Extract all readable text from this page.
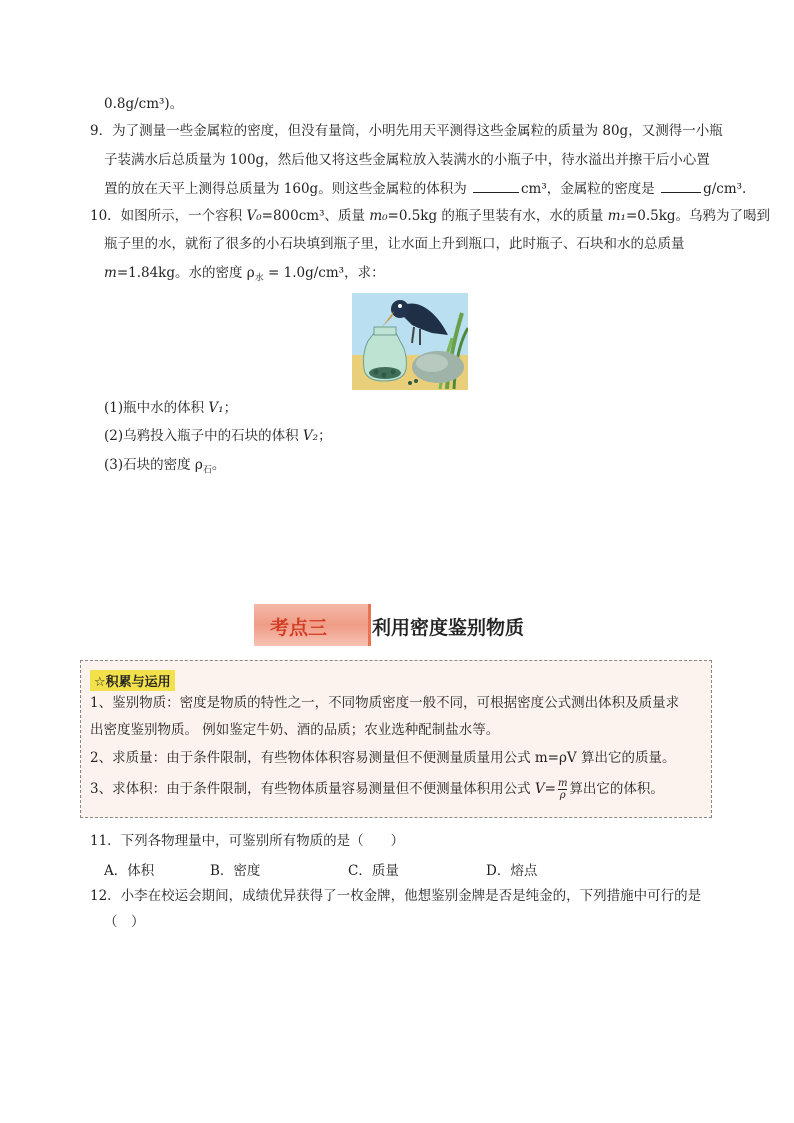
0.8g/cm³)。
9．为了测量一些金属粒的密度，但没有量筒，小明先用天平测得这些金属粒的质量为 80g，又测得一小瓶
子装满水后总质量为 100g，然后他又将这些金属粒放入装满水的小瓶子中，待水溢出并擦干后小心置
置的放在天平上测得总质量为 160g。则这些金属粒的体积为	cm³，金属粒的密度是	g/cm³.
10．如图所示，一个容积 V₀=800cm³、质量 m₀=0.5kg 的瓶子里装有水，水的质量 m₁=0.5kg。乌鸦为了喝到
瓶子里的水，就衔了很多的小石块填到瓶子里，让水面上升到瓶口，此时瓶子、石块和水的总质量
m=1.84kg。水的密度 $\rho_水 = 1.0g/cm^3$，求：
(1)瓶中水的体积 V₁；
(2)乌鸦投入瓶子中的石块的体积 V₂；
(3)石块的密度 $\rho_石$。
考点三 利用密度鉴别物质
☆积累与运用
1、鉴别物质：密度是物质的特性之一，不同物质密度一般不同，可根据密度公式测出体积及质量求
出密度鉴别物质。 例如鉴定牛奶、酒的品质；农业选种配制盐水等。
2、求质量：由于条件限制，有些物体体积容易测量但不便测量质量用公式 m=ρV 算出它的质量。
3、求体积：由于条件限制，有些物体质量容易测量但不便测量体积用公式 $V= \frac{m}{\rho}$ 算出它的体积。
11．下列各物理量中，可鉴别所有物质的是（　　）
A．体积	B．密度	C．质量	D．熔点
12．小李在校运会期间，成绩优异获得了一枚金牌，他想鉴别金牌是否是纯金的，下列措施中可行的是
（　）
